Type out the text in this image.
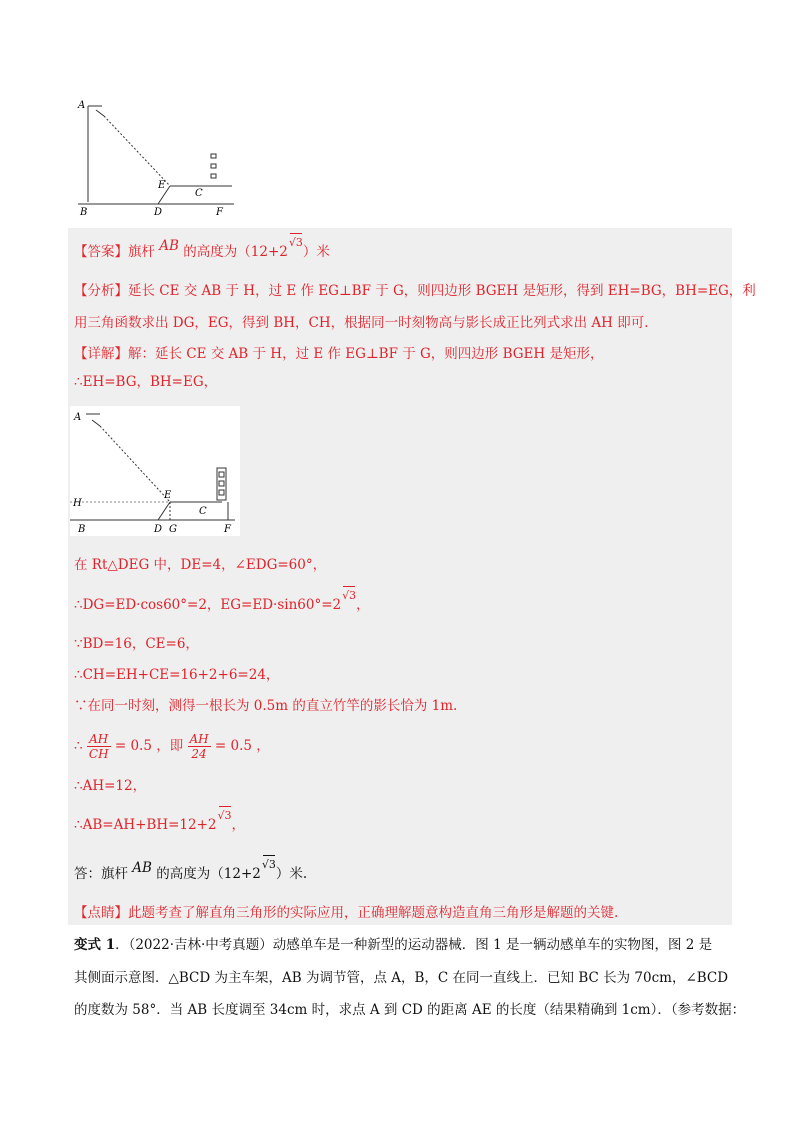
A
B	D	F
E
C
【答案】旗杆 AB 的高度为（12+2
√3）米
【分析】延长 CE 交 AB 于 H，过 E 作 EG⊥BF 于 G，则四边形 BGEH 是矩形，得到 EH=BG，BH=EG，利
用三角函数求出 DG，EG，得到 BH，CH，根据同一时刻物高与影长成正比列式求出 AH 即可.
【详解】解：延长 CE 交 AB 于 H，过 E 作 EG⊥BF 于 G，则四边形 BGEH 是矩形，
∴EH=BG，BH=EG，
A
H
B	D G
E
C
F
在 Rt△DEG 中，DE=4，∠EDG=60°，
∴DG=ED·cos60°=2，EG=ED·sin60°=2
√3，
∵BD=16，CE=6，
∴CH=EH+CE=16+2+6=24，
∵在同一时刻，测得一根长为 0.5m 的直立竹竿的影长恰为 1m.
∴ $\frac{AH}{CH} = 0.5$ ，即 $\frac{AH}{24} = 0.5$ ，
∴AH=12，
∴AB=AH+BH=12+2
√3，
答：旗杆 AB 的高度为（12+2
√3）米.
【点睛】此题考查了解直角三角形的实际应用，正确理解题意构造直角三角形是解题的关键.
变式 1．（2022·吉林·中考真题）动感单车是一种新型的运动器械．图 1 是一辆动感单车的实物图，图 2 是
其侧面示意图．△BCD 为主车架，AB 为调节管，点 A，B，C 在同一直线上．已知 BC 长为 70cm，∠BCD
的度数为 58°．当 AB 长度调至 34cm 时，求点 A 到 CD 的距离 AE 的长度（结果精确到 1cm）．（参考数据：
